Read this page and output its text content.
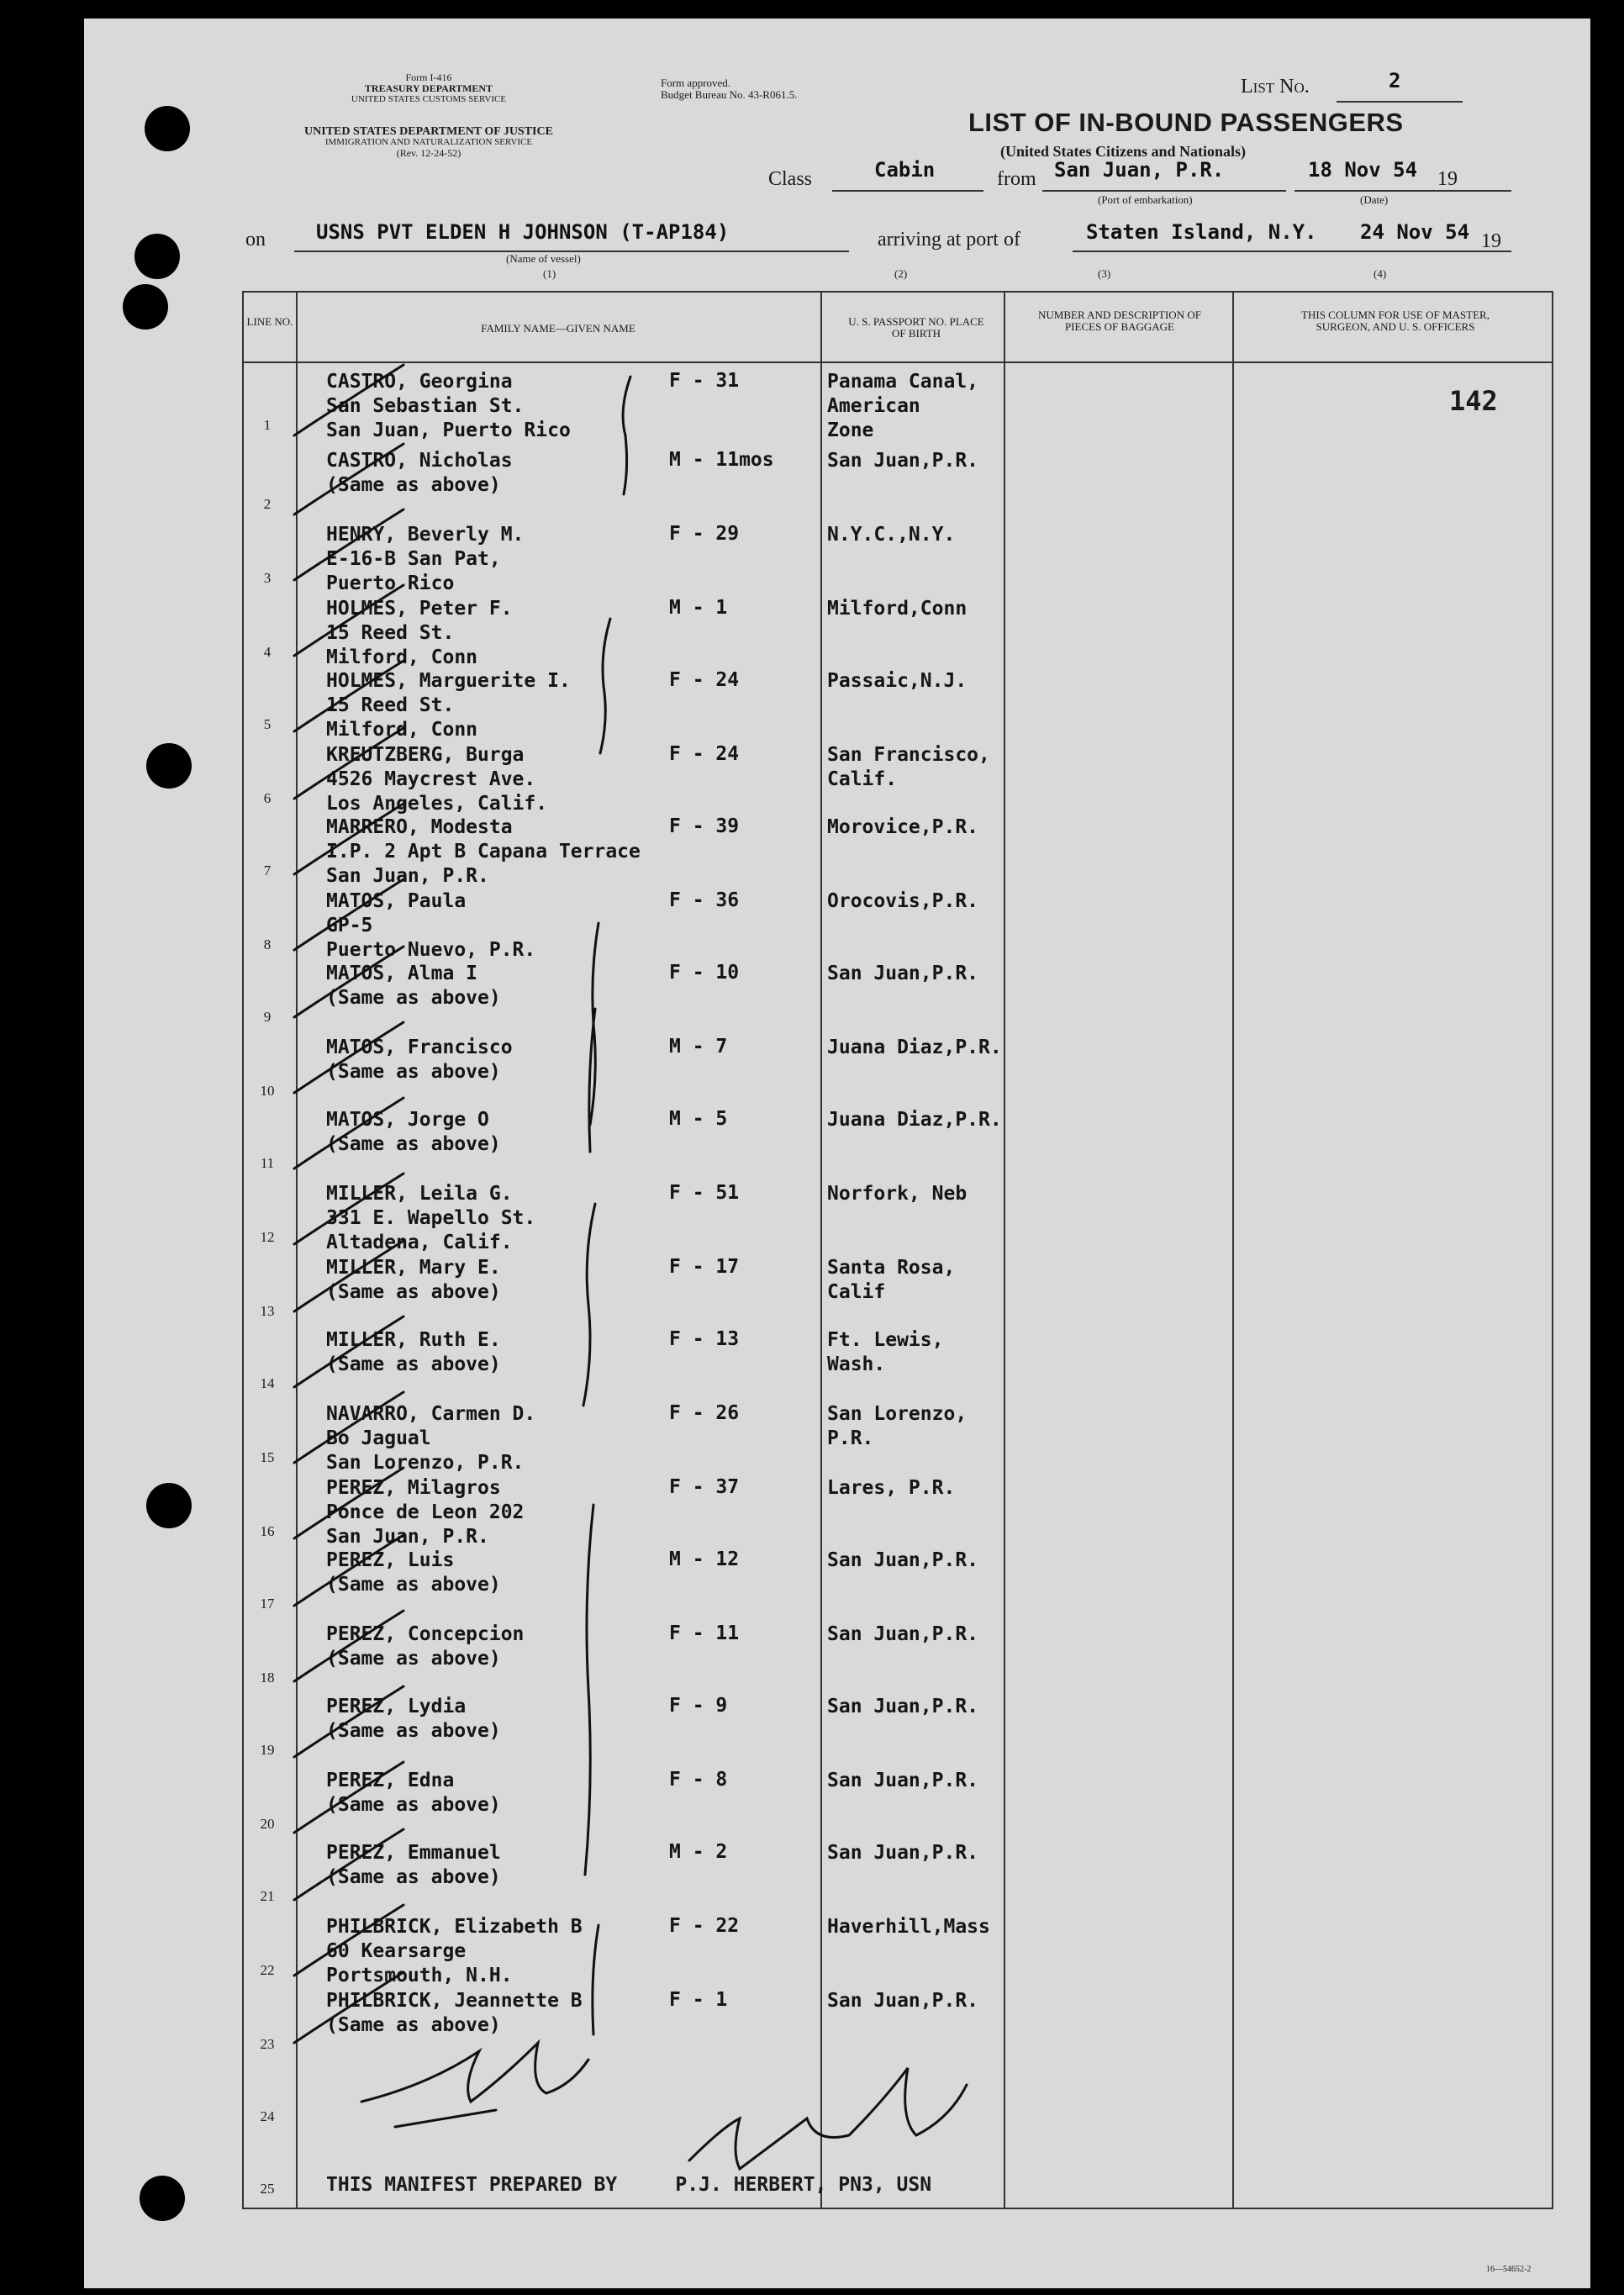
Form I-416
TREASURY DEPARTMENT
UNITED STATES CUSTOMS SERVICE
UNITED STATES DEPARTMENT OF JUSTICE
IMMIGRATION AND NATURALIZATION SERVICE
(Rev. 12-24-52)
Form approved.
Budget Bureau No. 43-R061.5.	List No.	2
LIST OF IN-BOUND PASSENGERS
(United States Citizens and Nationals)
Class	Cabin	from San Juan, P.R.
(Port of embarkation)
18 Nov 54 19
(Date)
on	USNS PVT ELDEN H JOHNSON (T-AP184)
(Name of vessel)
arriving at port of	Staten Island, N.Y. 24 Nov 54 19
(1)	(2)	(3)	(4)
LINE NO.
FAMILY NAME—GIVEN NAME
U. S. PASSPORT NO. PLACE OF BIRTH
NUMBER AND DESCRIPTION OF PIECES OF BAGGAGE
THIS COLUMN FOR USE OF MASTER, SURGEON, AND U. S. OFFICERS
142
1
CASTRO, Georgina
San Sebastian St.
San Juan, Puerto Rico
F - 31	Panama Canal,
American
Zone
2
CASTRO, Nicholas
(Same as above)
M - 11mos	San Juan,P.R.
3
HENRY, Beverly M.
E-16-B San Pat,
Puerto Rico
F - 29	N.Y.C.,N.Y.
4
HOLMES, Peter F.
15 Reed St.
Milford, Conn
M - 1	Milford,Conn
5
HOLMES, Marguerite I.
15 Reed St.
Milford, Conn
F - 24	Passaic,N.J.
6
KREUTZBERG, Burga
4526 Maycrest Ave.
Los Angeles, Calif.
F - 24	San Francisco,
Calif.
7
MARRERO, Modesta
I.P. 2 Apt B Capana Terrace
San Juan, P.R.
F - 39	Morovice,P.R.
8
MATOS, Paula
GP-5
Puerto Nuevo, P.R.
F - 36	Orocovis,P.R.
9
MATOS, Alma I
(Same as above)
F - 10	San Juan,P.R.
10
MATOS, Francisco
(Same as above)
M - 7	Juana Diaz,P.R.
11
MATOS, Jorge O
(Same as above)
M - 5	Juana Diaz,P.R.
12
MILLER, Leila G.
331 E. Wapello St.
Altadena, Calif.
F - 51	Norfork, Neb
13
MILLER, Mary E.
(Same as above)
F - 17	Santa Rosa,
Calif
14
MILLER, Ruth E.
(Same as above)
F - 13	Ft. Lewis,
Wash.
15
NAVARRO, Carmen D.
Bo Jagual
San Lorenzo, P.R.
F - 26	San Lorenzo,
P.R.
16
PEREZ, Milagros
Ponce de Leon 202
San Juan, P.R.
F - 37	Lares, P.R.
17
PEREZ, Luis
(Same as above)
M - 12	San Juan,P.R.
18
PEREZ, Concepcion
(Same as above)
F - 11	San Juan,P.R.
19
PEREZ, Lydia
(Same as above)
F - 9	San Juan,P.R.
20
PEREZ, Edna
(Same as above)
F - 8	San Juan,P.R.
21
PEREZ, Emmanuel
(Same as above)
M - 2	San Juan,P.R.
22
PHILBRICK, Elizabeth B
60 Kearsarge
Portsmouth, N.H.
F - 22	Haverhill,Mass
23
PHILBRICK, Jeannette B
(Same as above)
F - 1	San Juan,P.R.
24
25	THIS MANIFEST PREPARED BY     P.J. HERBERT, PN3, USN
16—54652-2
